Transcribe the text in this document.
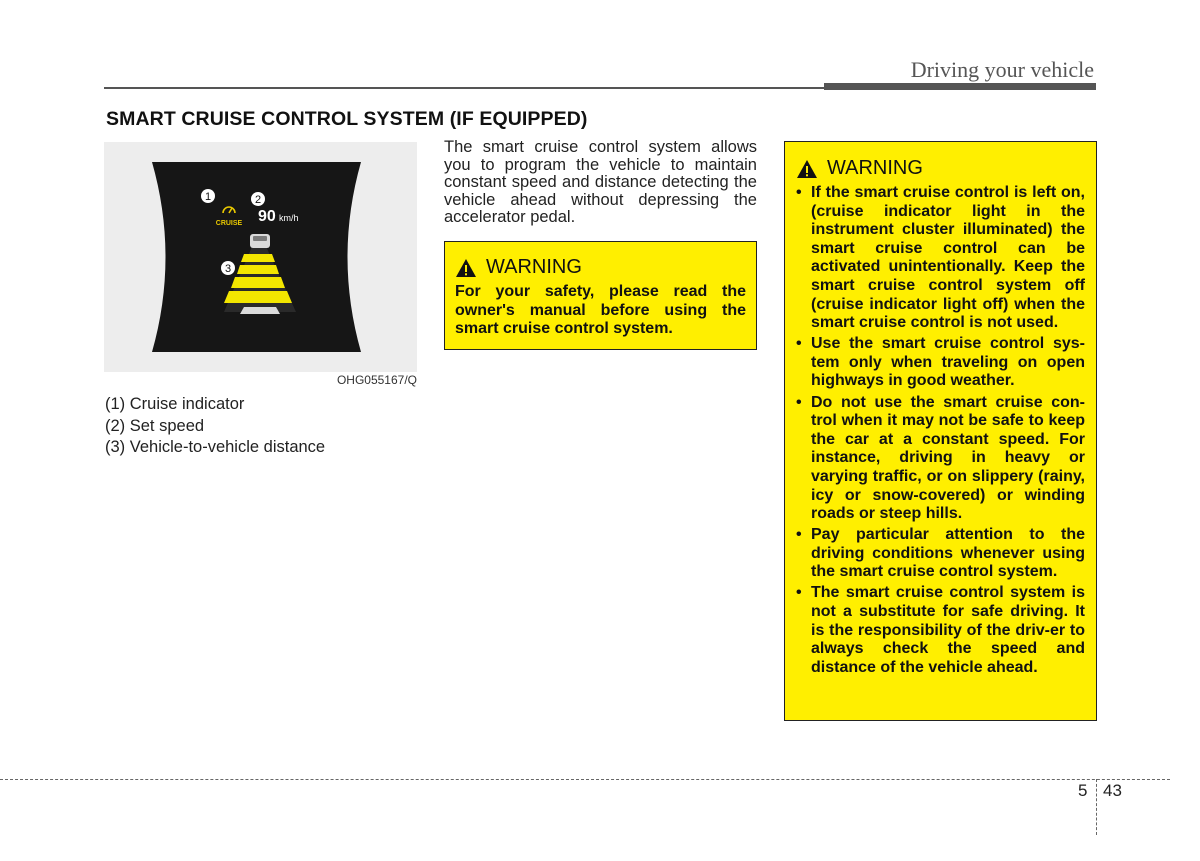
Driving your vehicle
SMART CRUISE CONTROL SYSTEM (IF EQUIPPED)
CRUISE 90 km/h
1	2
3
OHG055167/Q
(1) Cruise indicator
(2) Set speed
(3) Vehicle-to-vehicle distance
The smart cruise control system allows you to program the vehicle to maintain constant speed and distance detecting the vehicle ahead without depressing the accelerator pedal.
WARNING
For your safety, please read the owner's manual before using the smart cruise control system.
WARNING
• If the smart cruise control is left on, (cruise indicator light in the instrument cluster illuminated) the smart cruise control can be activated unintentionally. Keep the smart cruise control system off (cruise indicator light off) when the smart cruise control is not used.
• Use the smart cruise control sys-tem only when traveling on open highways in good weather.
• Do not use the smart cruise con-trol when it may not be safe to keep the car at a constant speed. For instance, driving in heavy or varying traffic, or on slippery (rainy, icy or snow-covered) or winding roads or steep hills.
• Pay particular attention to the driving conditions whenever using the smart cruise control system.
• The smart cruise control system is not a substitute for safe driving. It is the responsibility of the driv-er to always check the speed and distance of the vehicle ahead.
5 43
